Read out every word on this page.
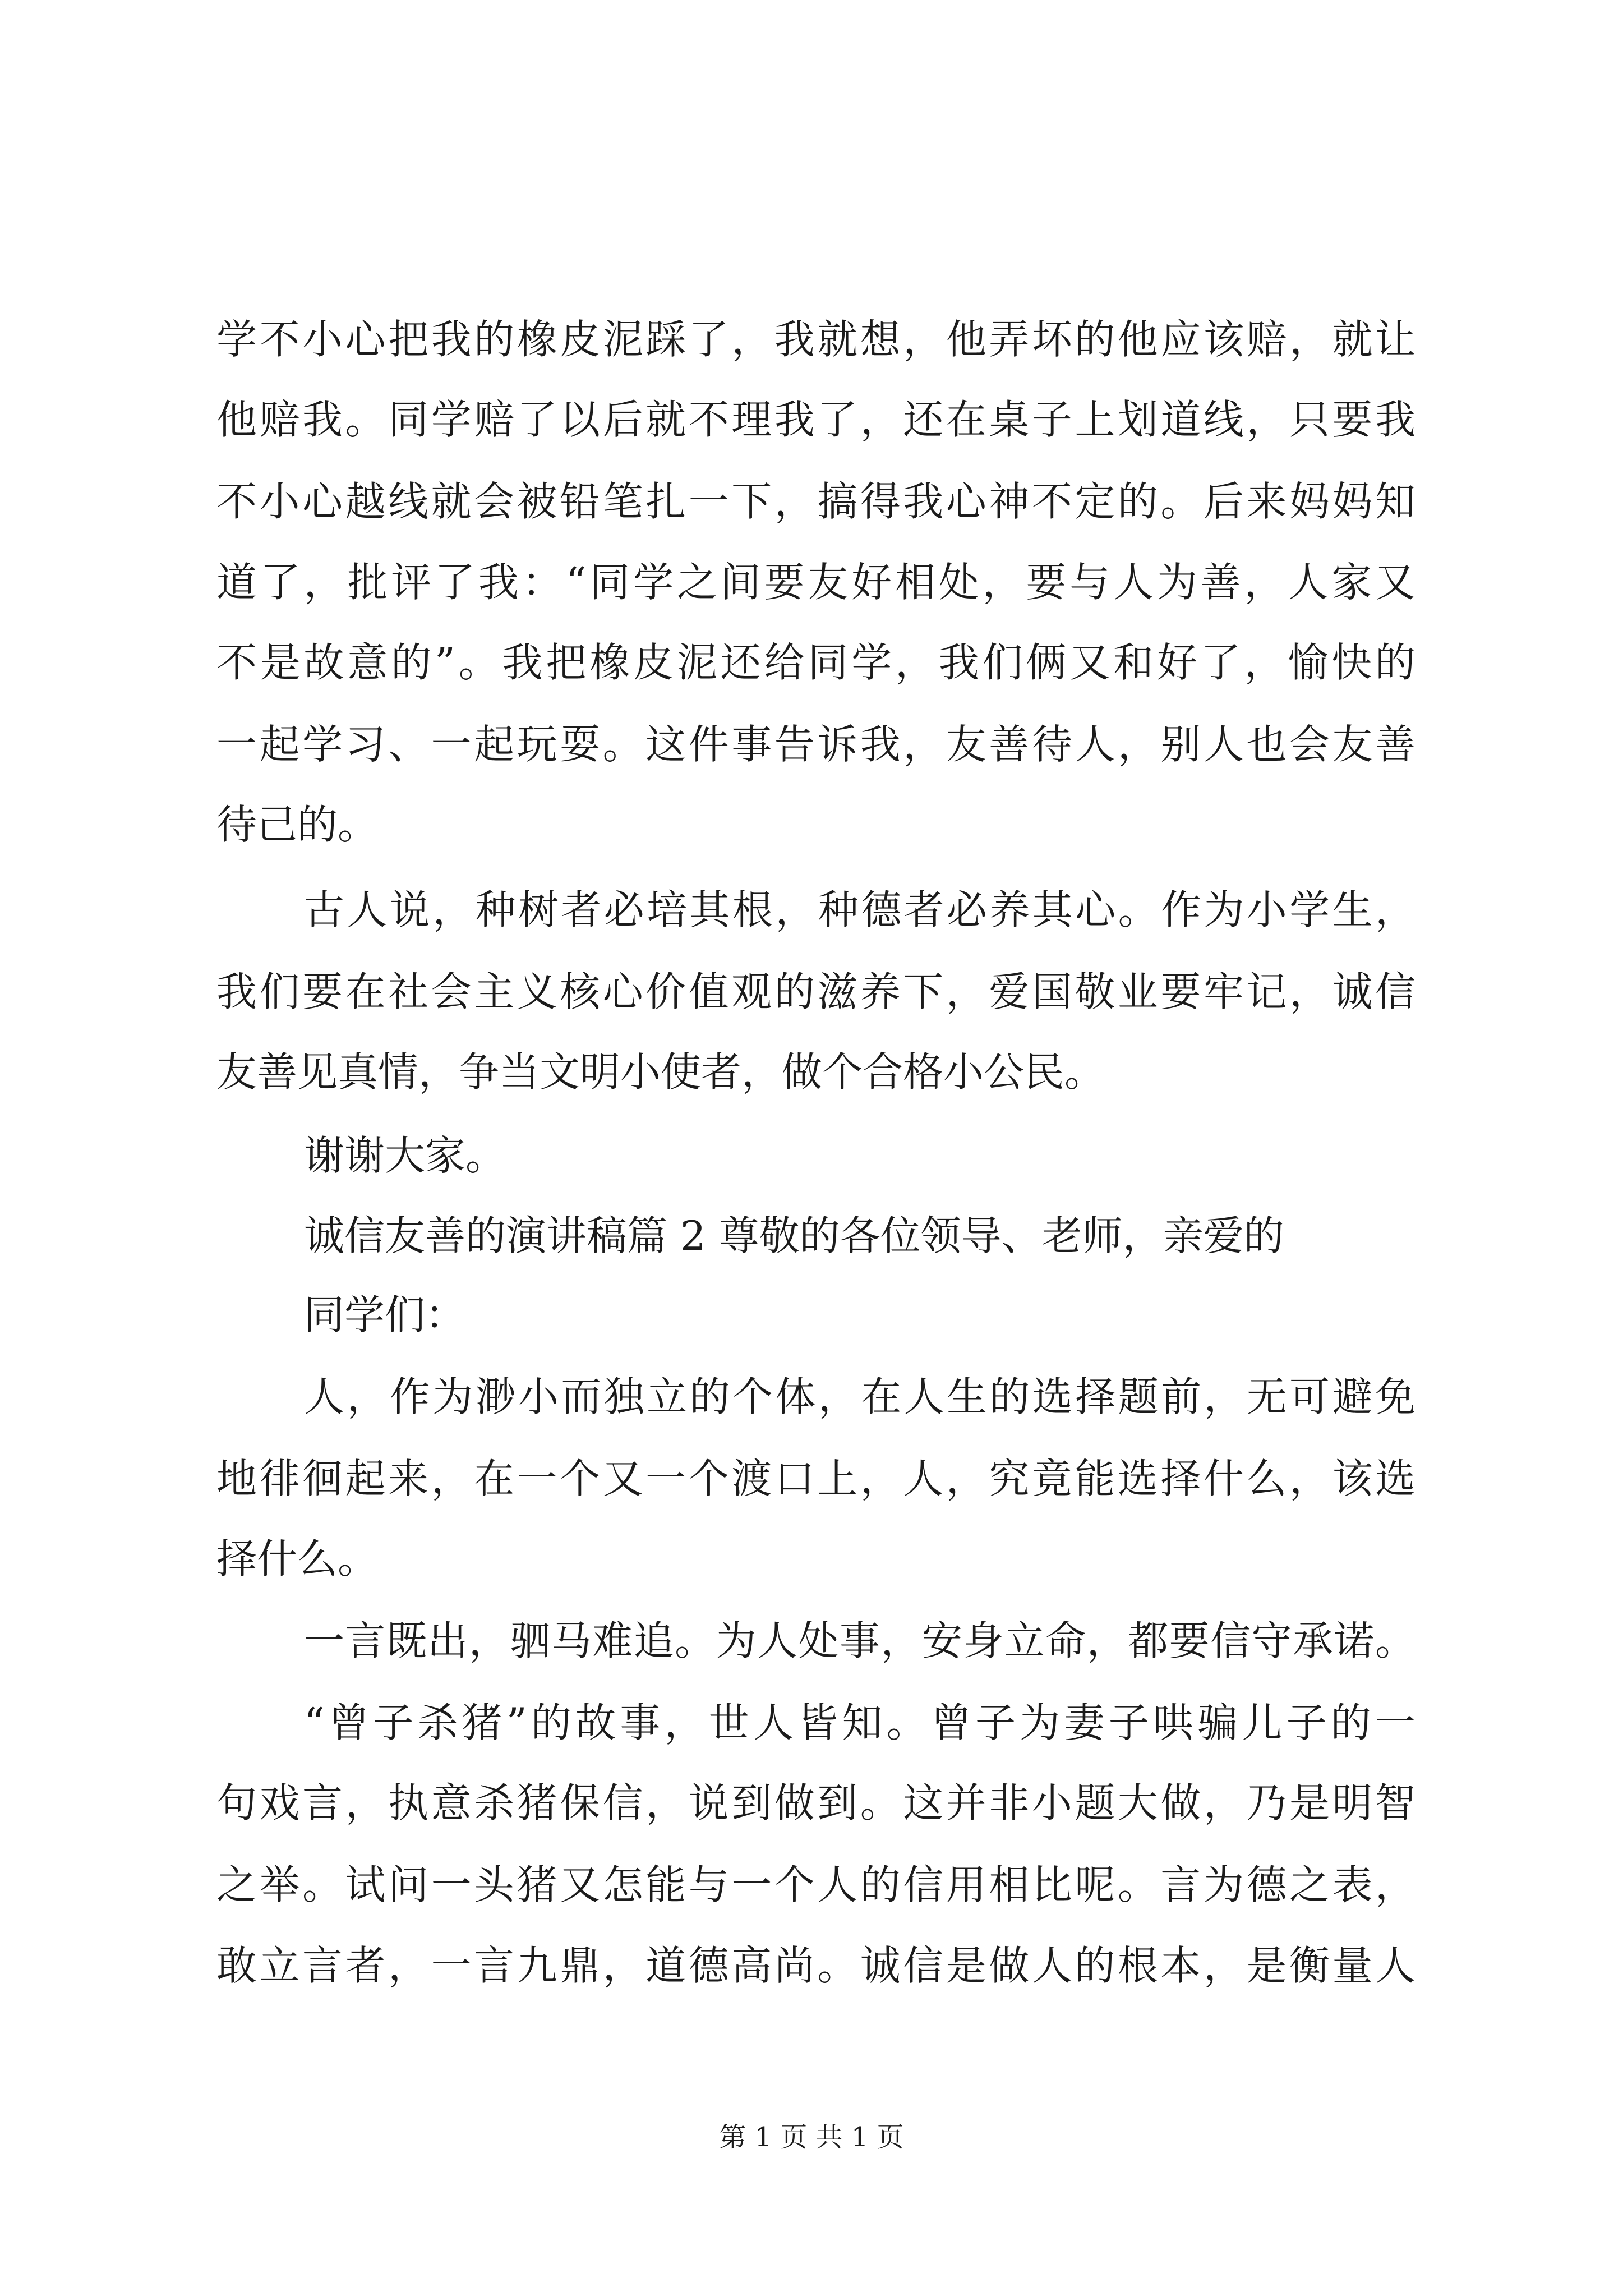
学不小心把我的橡皮泥踩了，我就想，他弄坏的他应该赔，就让
他赔我。同学赔了以后就不理我了，还在桌子上划道线，只要我
不小心越线就会被铅笔扎一下，搞得我心神不定的。后来妈妈知
道了，批评了我：“同学之间要友好相处，要与人为善，人家又
不是故意的”。我把橡皮泥还给同学，我们俩又和好了，愉快的
一起学习、一起玩耍。这件事告诉我，友善待人，别人也会友善
待己的。
古人说，种树者必培其根，种德者必养其心。作为小学生，
我们要在社会主义核心价值观的滋养下，爱国敬业要牢记，诚信
友善见真情，争当文明小使者，做个合格小公民。
谢谢大家。
诚信友善的演讲稿篇 2 尊敬的各位领导、老师，亲爱的
同学们：
人，作为渺小而独立的个体，在人生的选择题前，无可避免
地徘徊起来，在一个又一个渡口上，人，究竟能选择什么，该选
择什么。
一言既出，驷马难追。为人处事，安身立命，都要信守承诺。
“曾子杀猪”的故事，世人皆知。曾子为妻子哄骗儿子的一
句戏言，执意杀猪保信，说到做到。这并非小题大做，乃是明智
之举。试问一头猪又怎能与一个人的信用相比呢。言为德之表，
敢立言者，一言九鼎，道德高尚。诚信是做人的根本，是衡量人
第 1 页 共 1 页
